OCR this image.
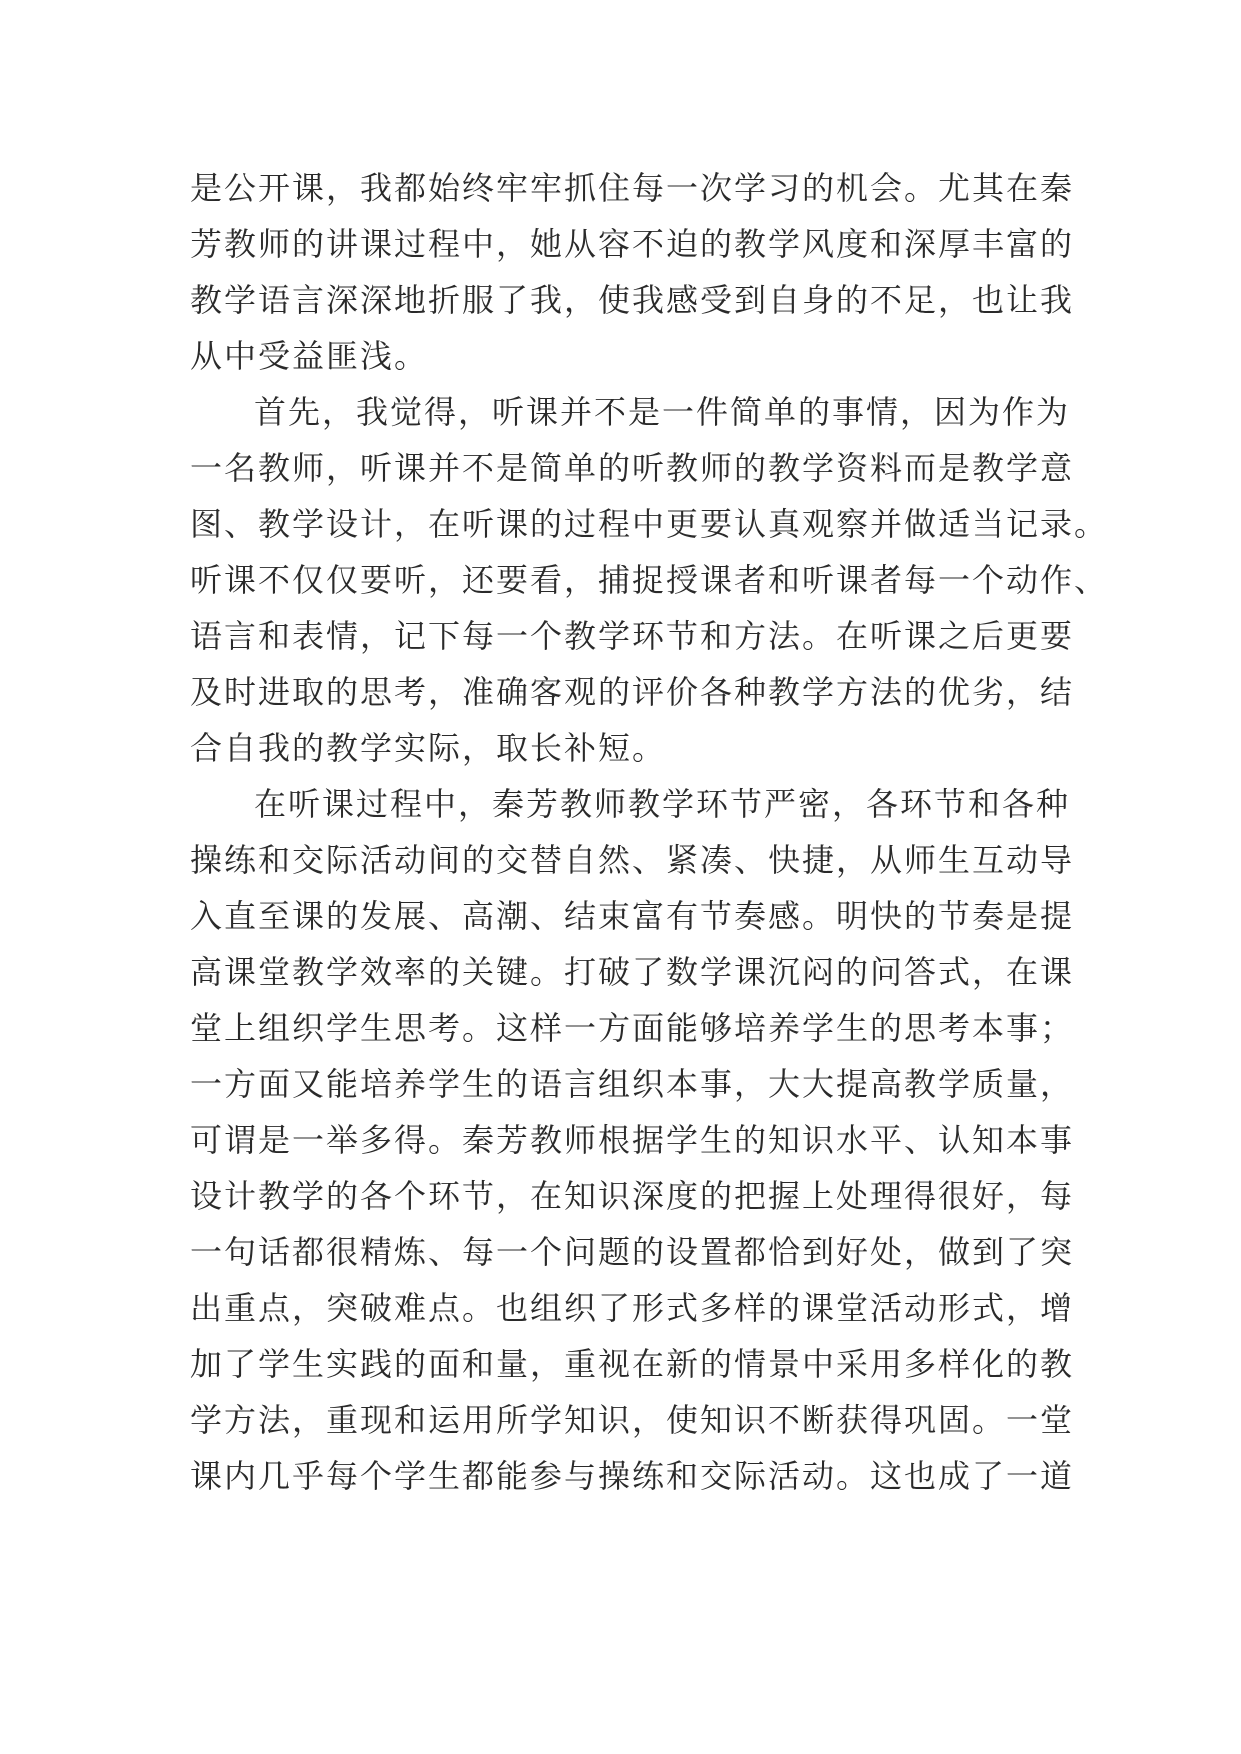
是公开课，我都始终牢牢抓住每一次学习的机会。尤其在秦
芳教师的讲课过程中，她从容不迫的教学风度和深厚丰富的
教学语言深深地折服了我，使我感受到自身的不足，也让我
从中受益匪浅。
首先，我觉得，听课并不是一件简单的事情，因为作为
一名教师，听课并不是简单的听教师的教学资料而是教学意
图、教学设计，在听课的过程中更要认真观察并做适当记录。
听课不仅仅要听，还要看，捕捉授课者和听课者每一个动作、
语言和表情，记下每一个教学环节和方法。在听课之后更要
及时进取的思考，准确客观的评价各种教学方法的优劣，结
合自我的教学实际，取长补短。
在听课过程中，秦芳教师教学环节严密，各环节和各种
操练和交际活动间的交替自然、紧凑、快捷，从师生互动导
入直至课的发展、高潮、结束富有节奏感。明快的节奏是提
高课堂教学效率的关键。打破了数学课沉闷的问答式，在课
堂上组织学生思考。这样一方面能够培养学生的思考本事；
一方面又能培养学生的语言组织本事，大大提高教学质量，
可谓是一举多得。秦芳教师根据学生的知识水平、认知本事
设计教学的各个环节，在知识深度的把握上处理得很好，每
一句话都很精炼、每一个问题的设置都恰到好处，做到了突
出重点，突破难点。也组织了形式多样的课堂活动形式，增
加了学生实践的面和量，重视在新的情景中采用多样化的教
学方法，重现和运用所学知识，使知识不断获得巩固。一堂
课内几乎每个学生都能参与操练和交际活动。这也成了一道
